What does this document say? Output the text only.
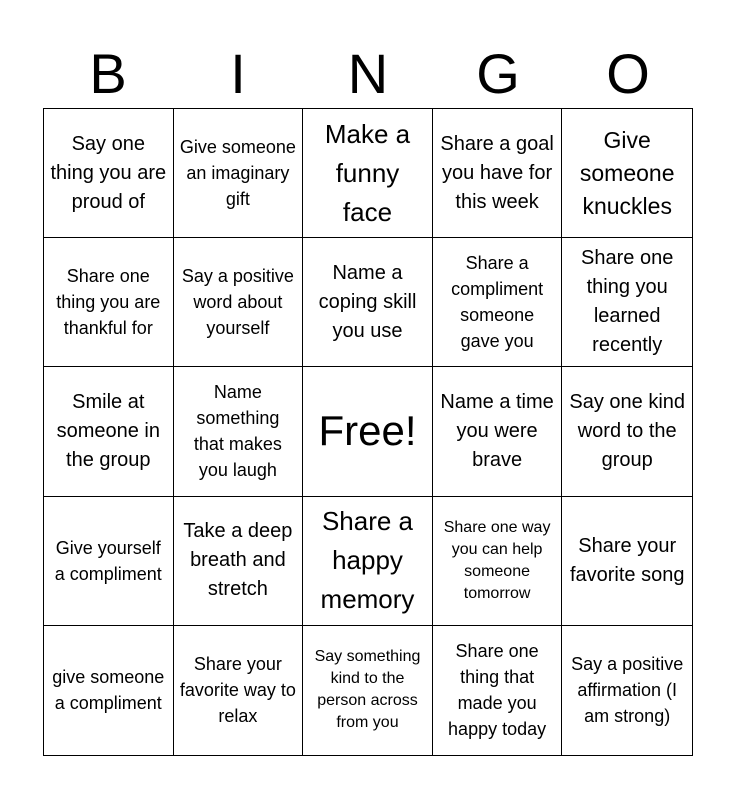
B	I	N	G	O
Say one thing you are proud of
Give someone an imaginary gift
Make a funny face
Share a goal you have for this week
Give someone knuckles
Share one thing you are thankful for
Say a positive word about yourself
Name a coping skill you use
Share a compliment someone gave you
Share one thing you learned recently
Smile at someone in the group
Name something that makes you laugh
Free!
Name a time you were brave
Say one kind word to the group
Give yourself a compliment
Take a deep breath and stretch
Share a happy memory
Share one way you can help someone tomorrow
Share your favorite song
give someone a compliment
Share your favorite way to relax
Say something kind to the person across from you
Share one thing that made you happy today
Say a positive affirmation (I am strong)
